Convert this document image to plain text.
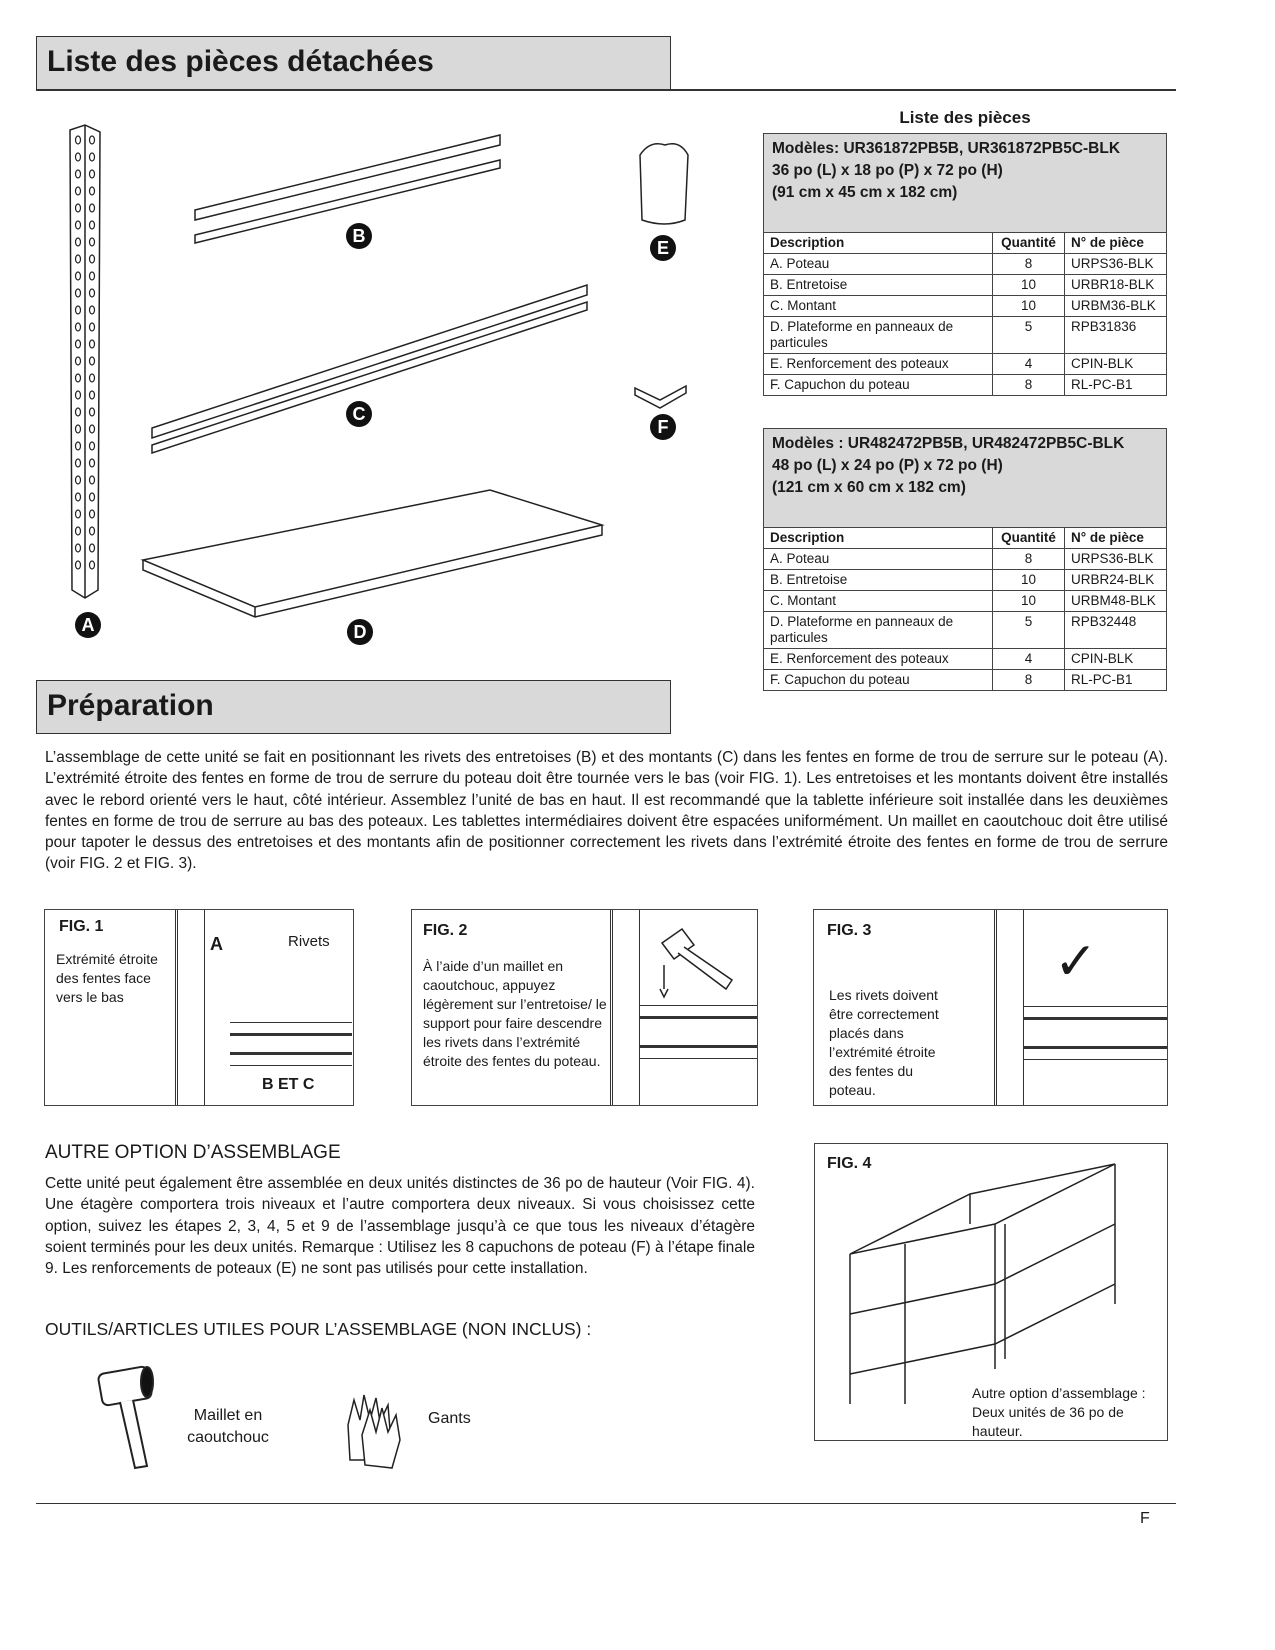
Liste des pièces détachées
A
B
C
D
E
F
Liste des pièces
Modèles: UR361872PB5B, UR361872PB5C-BLK
36 po (L) x 18 po (P) x 72 po (H)
(91 cm x 45 cm x 182 cm)		

Description	Quantité	N° de pièce
A. Poteau	8	URPS36-BLK
B. Entretoise	10	URBR18-BLK
C. Montant	10	URBM36-BLK
D. Plateforme en panneaux de particules	5	RPB31836
E. Renforcement des poteaux	4	CPIN-BLK
F. Capuchon du poteau	8	RL-PC-B1
Modèles : UR482472PB5B, UR482472PB5C-BLK
48 po (L) x 24 po (P) x 72 po (H)
(121 cm x 60 cm x 182 cm)		

Description	Quantité	N° de pièce
A. Poteau	8	URPS36-BLK
B. Entretoise	10	URBR24-BLK
C. Montant	10	URBM48-BLK
D. Plateforme en panneaux de particules	5	RPB32448
E. Renforcement des poteaux	4	CPIN-BLK
F. Capuchon du poteau	8	RL-PC-B1
Préparation
L’assemblage de cette unité se fait en positionnant les rivets des entretoises (B) et des montants (C) dans les fentes en forme de trou de serrure sur le poteau (A). L’extrémité étroite des fentes en forme de trou de serrure du poteau doit être tournée vers le bas (voir FIG. 1). Les entretoises et les montants doivent être installés avec le rebord orienté vers le haut, côté intérieur. Assemblez l’unité de bas en haut. Il est recommandé que la tablette inférieure soit installée dans les deuxièmes fentes en forme de trou de serrure au bas des poteaux. Les tablettes intermédiaires doivent être espacées uniformément. Un maillet en caoutchouc doit être utilisé pour tapoter le dessus des entretoises et des montants afin de positionner correctement les rivets dans l’extrémité étroite des fentes en forme de trou de serrure (voir FIG. 2 et FIG. 3).
FIG. 1
Extrémité étroite des fentes face vers le bas
A	Rivets
B ET C
FIG. 2
À l’aide d’un maillet en caoutchouc, appuyez légèrement sur l’entretoise/ le support pour faire descendre les rivets dans l’extrémité étroite des fentes du poteau.
FIG. 3
Les rivets doivent être correctement placés dans l’extrémité étroite des fentes du poteau.
✓
AUTRE OPTION D’ASSEMBLAGE
Cette unité peut également être assemblée en deux unités distinctes de 36 po de hauteur (Voir FIG. 4). Une étagère comportera trois niveaux et l’autre comportera deux niveaux. Si vous choisissez cette option, suivez les étapes 2, 3, 4, 5 et 9 de l’assemblage jusqu’à ce que tous les niveaux d’étagère soient terminés pour les deux unités. Remarque : Utilisez les 8 capuchons de poteau (F) à l’étape finale 9. Les renforcements de poteaux (E) ne sont pas utilisés pour cette installation.
OUTILS/ARTICLES UTILES POUR L’ASSEMBLAGE (NON INCLUS) :
Maillet en caoutchouc
Gants
FIG. 4
Autre option d’assemblage : Deux unités de 36 po de hauteur.
F
